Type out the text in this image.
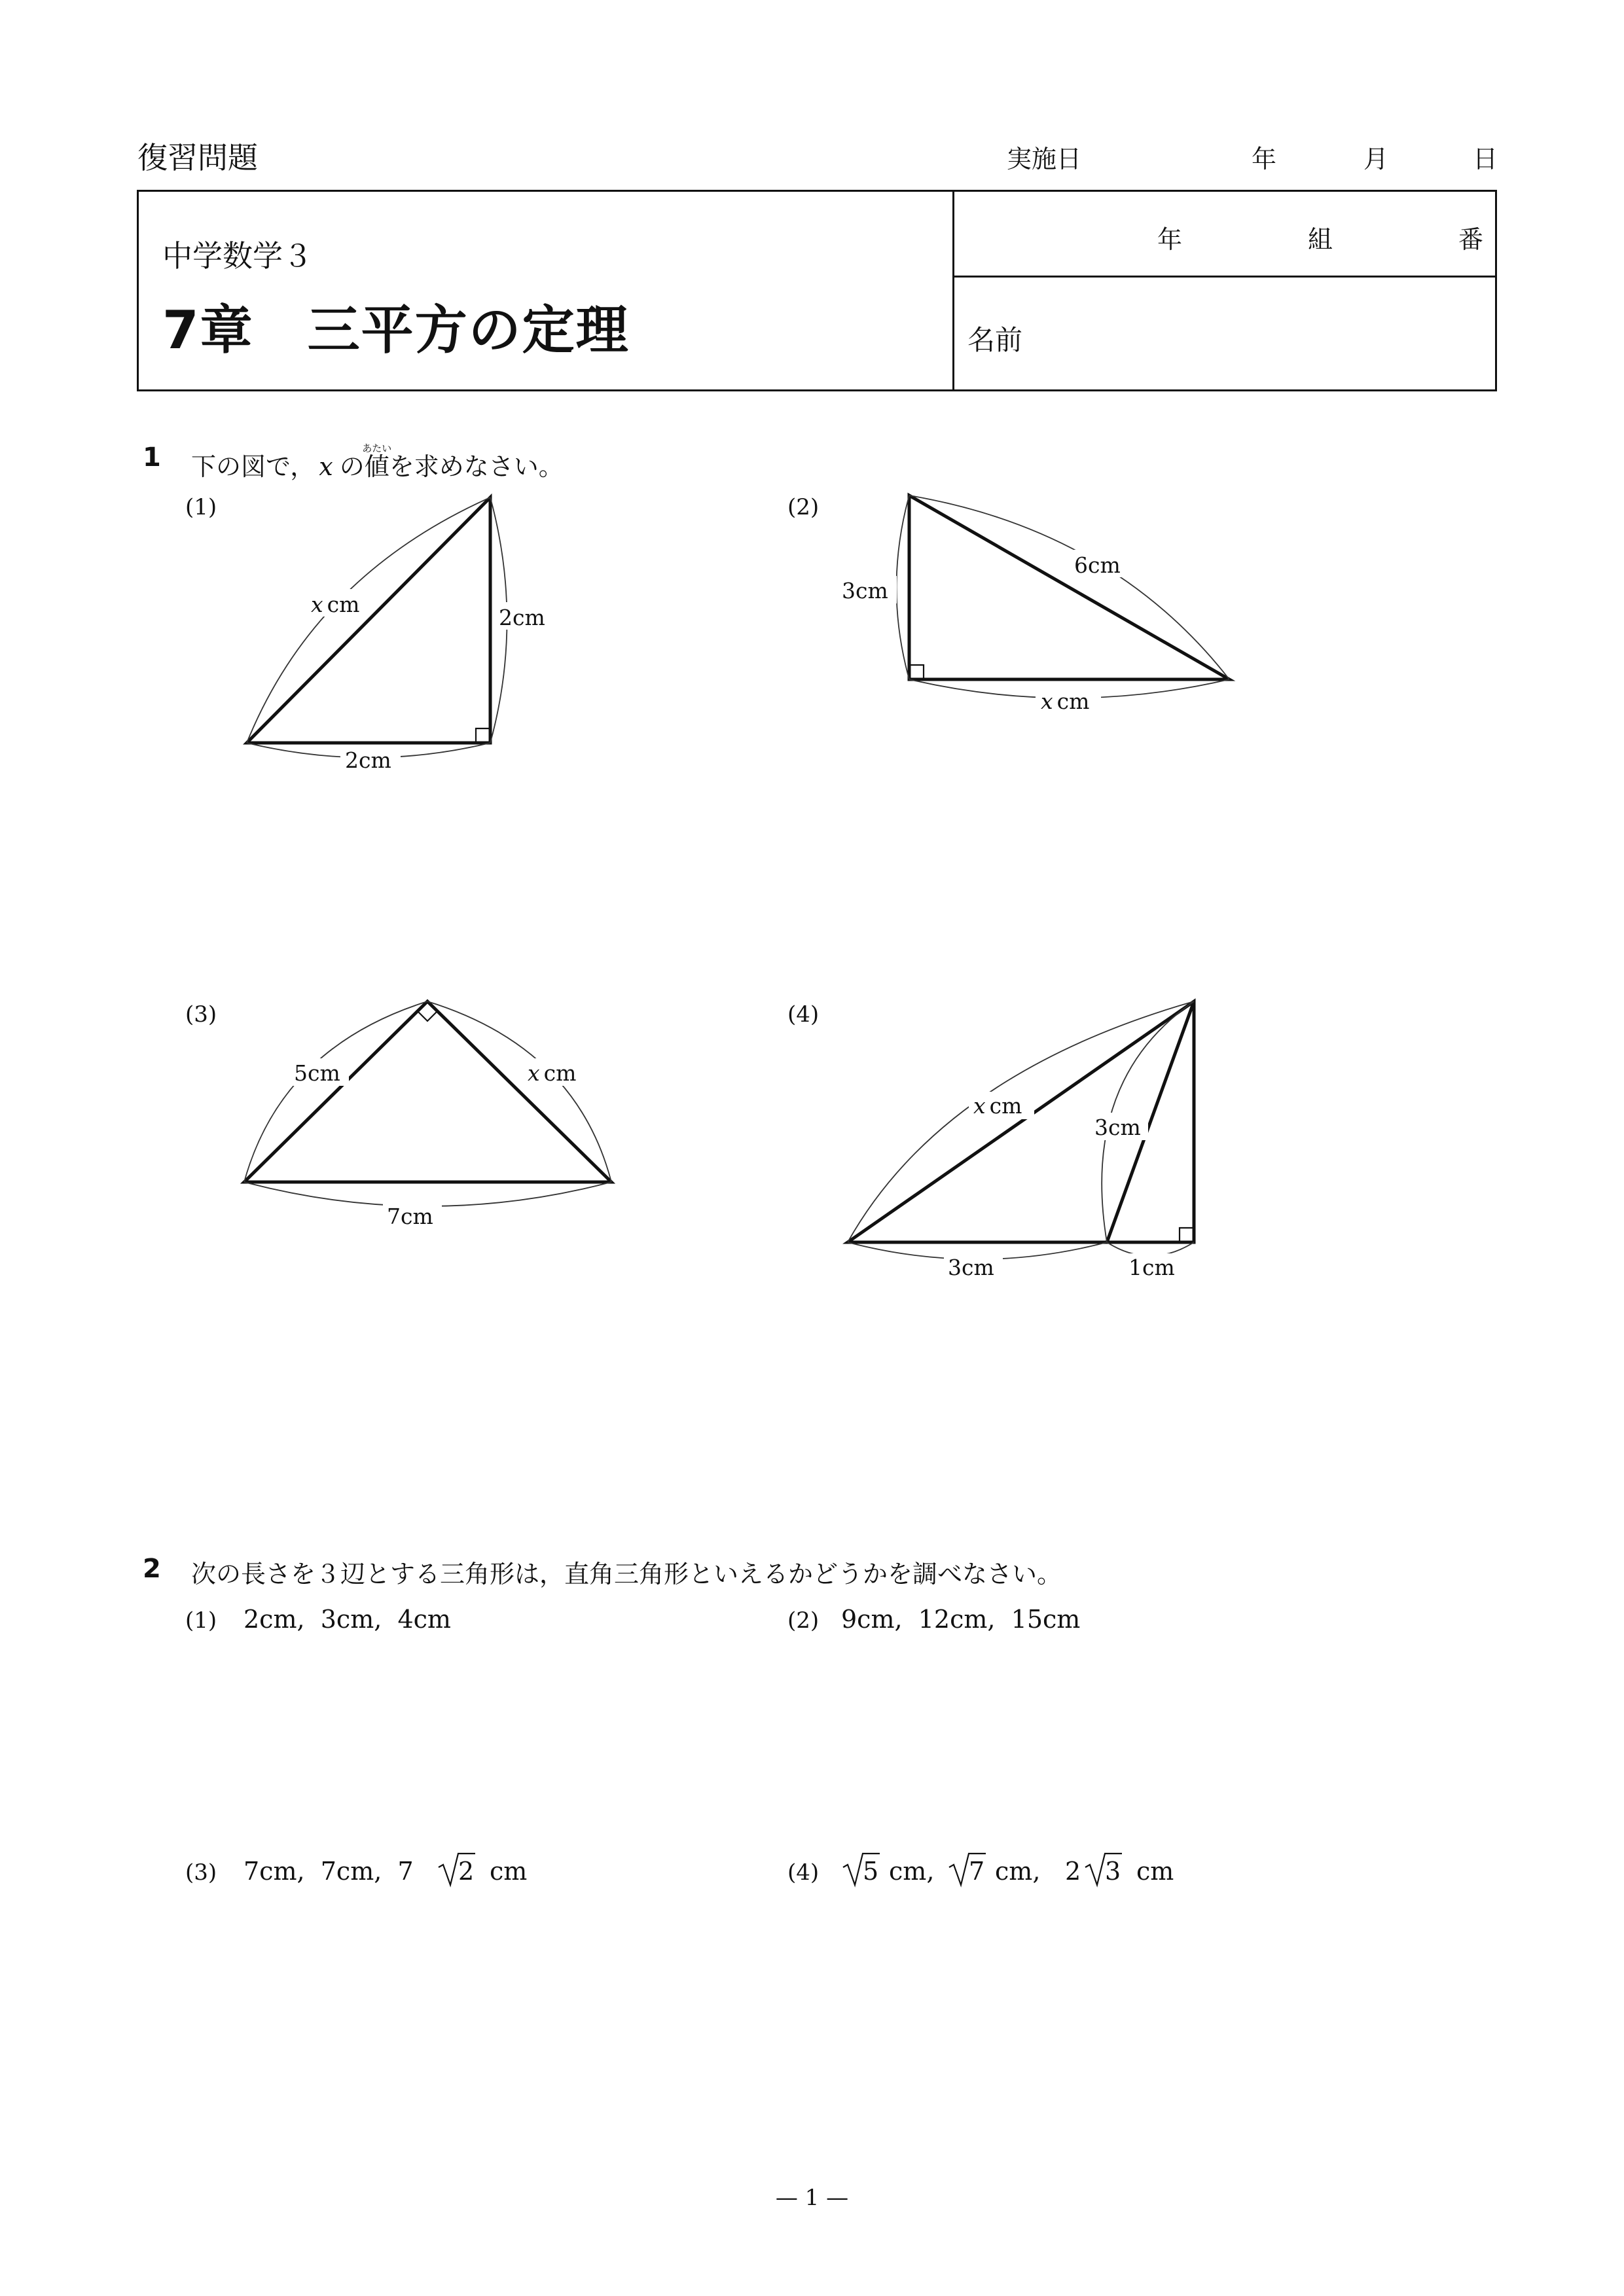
復習問題	実施日	年	月	日
中学数学３
7章　三平方の定理
年	組	番
名前
1 下の図で， x の値あたいを求めなさい。
(1)	(2)
(3)	(4)
x cm
2cm
2cm
3cm
6cm
x cm
5cm	x cm
7cm
x cm
3cm
3cm	1cm
2 次の長さを３辺とする三角形は，直角三角形といえるかどうかを調べなさい。
(1) 2cm,  3cm,  4cm	(2) 9cm,  12cm,  15cm
(3) 7cm,  7cm,  7 2 cm	(4) 5 cm, 7 cm, 2 3 cm
— 1 —
